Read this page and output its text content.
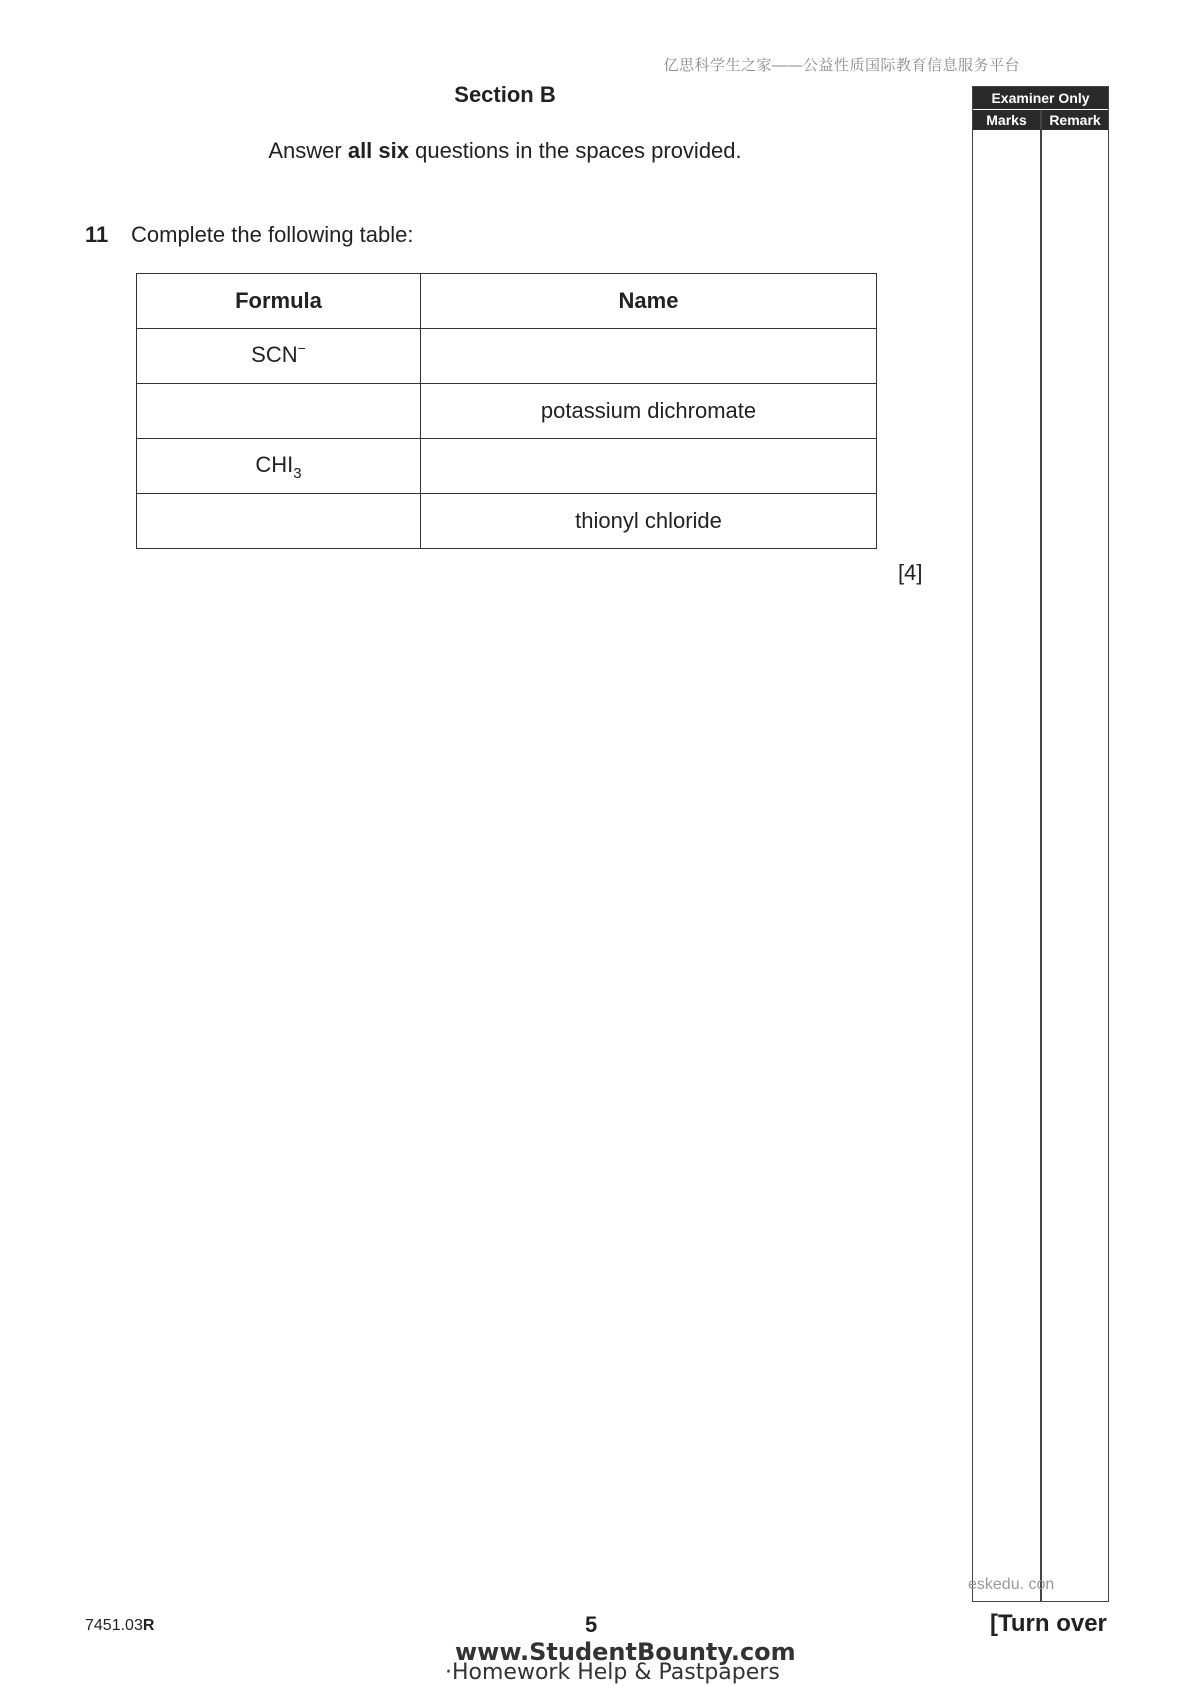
亿思科学生之家——公益性质国际教育信息服务平台
Section B
Answer all six questions in the spaces provided.
11 Complete the following table:
Formula	Name
SCN−	
	potassium dichromate
$CHI_3$	
	thionyl chloride
[4]
Examiner Only
Marks	Remark
eskedu. con
7451.03R	5	[Turn over
www.StudentBounty.com
·Homework Help & Pastpapers
